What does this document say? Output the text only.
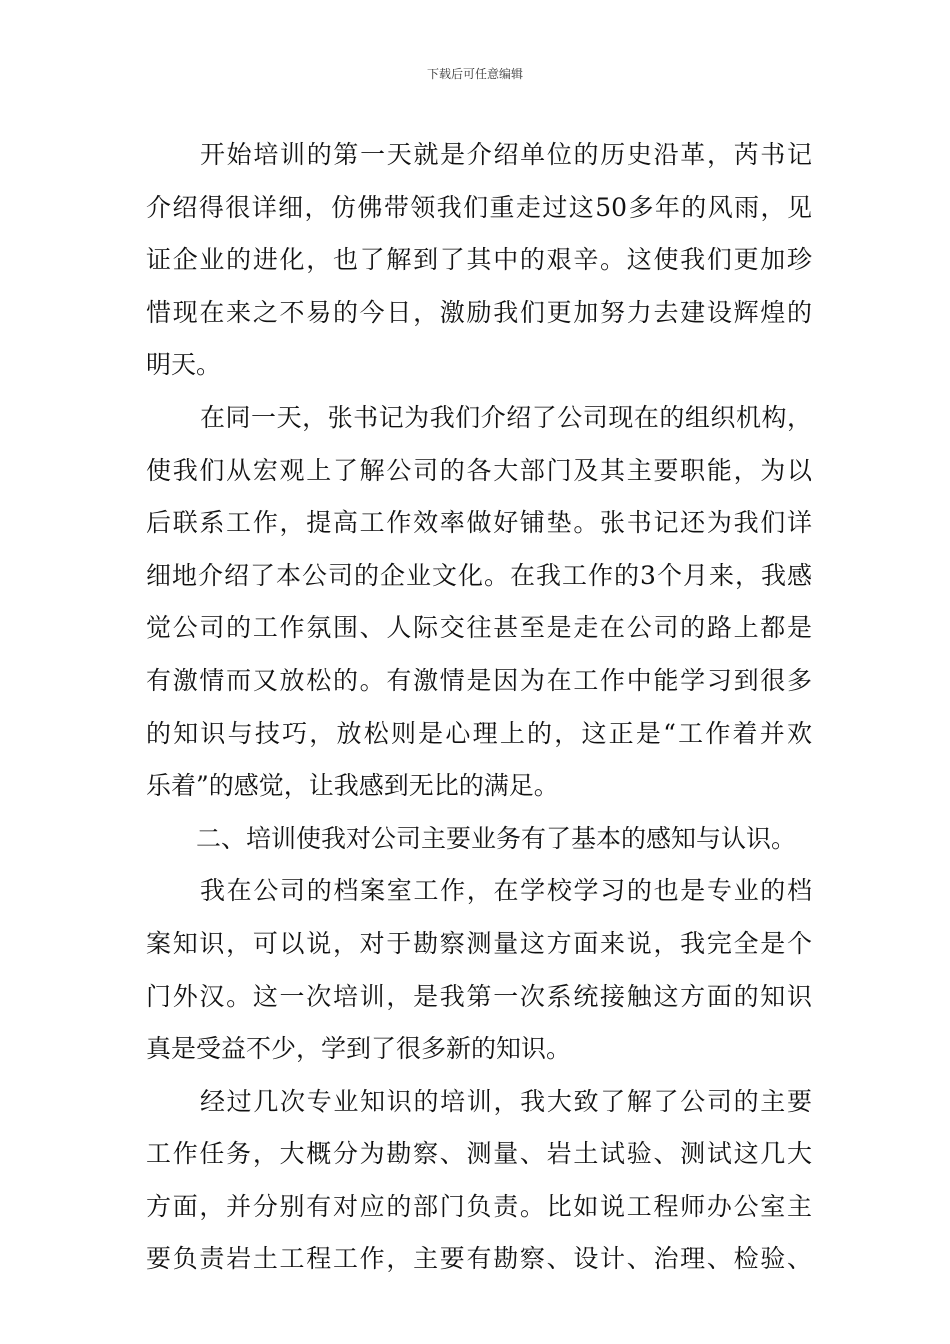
下载后可任意编辑
开始培训的第一天就是介绍单位的历史沿革，芮书记
介绍得很详细，仿佛带领我们重走过这50多年的风雨，见
证企业的进化，也了解到了其中的艰辛。这使我们更加珍
惜现在来之不易的今日，激励我们更加努力去建设辉煌的
明天。
在同一天，张书记为我们介绍了公司现在的组织机构，
使我们从宏观上了解公司的各大部门及其主要职能，为以
后联系工作，提高工作效率做好铺垫。张书记还为我们详
细地介绍了本公司的企业文化。在我工作的3个月来，我感
觉公司的工作氛围、人际交往甚至是走在公司的路上都是
有激情而又放松的。有激情是因为在工作中能学习到很多
的知识与技巧，放松则是心理上的，这正是“工作着并欢
乐着”的感觉，让我感到无比的满足。
二、培训使我对公司主要业务有了基本的感知与认识。
我在公司的档案室工作，在学校学习的也是专业的档
案知识，可以说，对于勘察测量这方面来说，我完全是个
门外汉。这一次培训，是我第一次系统接触这方面的知识
真是受益不少，学到了很多新的知识。
经过几次专业知识的培训，我大致了解了公司的主要
工作任务，大概分为勘察、测量、岩土试验、测试这几大
方面，并分别有对应的部门负责。比如说工程师办公室主
要负责岩土工程工作，主要有勘察、设计、治理、检验、
